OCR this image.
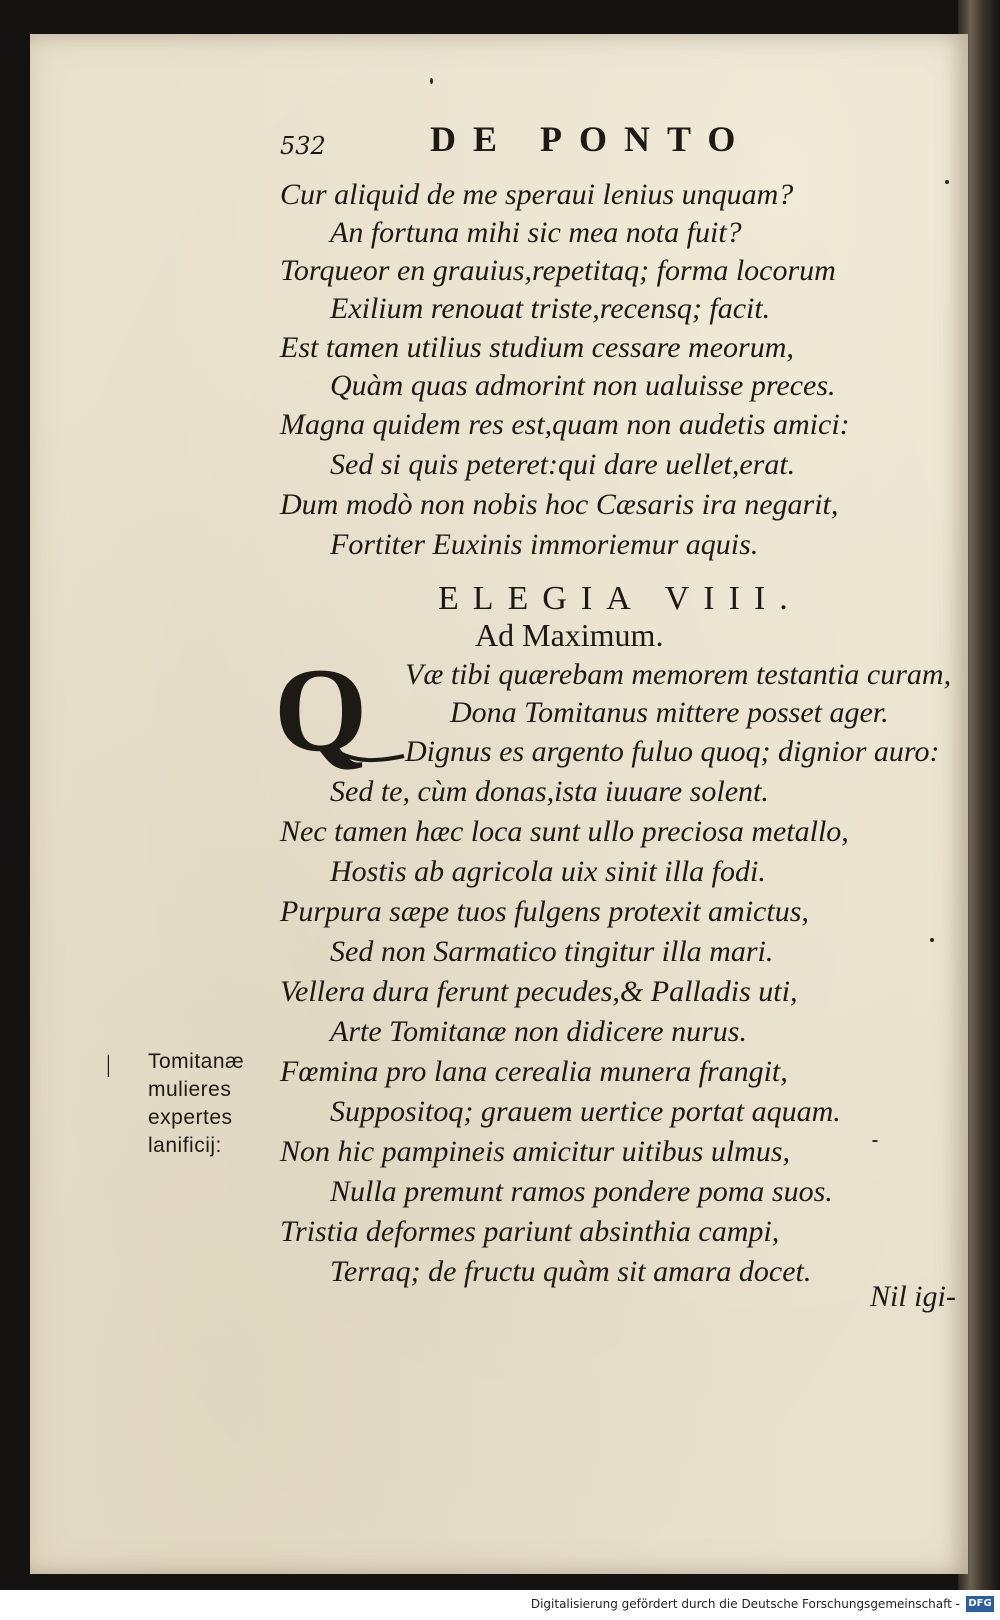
532	DE PONTO
Cur aliquid de me speraui lenius unquam?
An fortuna mihi sic mea nota fuit?
Torqueor en grauius,repetitaq; forma locorum
Exilium renouat triste,recensq; facit.
Est tamen utilius studium cessare meorum,
Quàm quas admorint non ualuisse preces.
Magna quidem res est,quam non audetis amici:
Sed si quis peteret:qui dare uellet,erat.
Dum modò non nobis hoc Cæsaris ira negarit,
Fortiter Euxinis immoriemur aquis.
ELEGIA VIII.
Ad Maximum.
Q	Væ tibi quærebam memorem testantia curam,
Dona Tomitanus mittere posset ager.
Dignus es argento fuluo quoq; dignior auro:
Sed te, cùm donas,ista iuuare solent.
Nec tamen hæc loca sunt ullo preciosa metallo,
Hostis ab agricola uix sinit illa fodi.
Purpura sæpe tuos fulgens protexit amictus,
Sed non Sarmatico tingitur illa mari.
Vellera dura ferunt pecudes,& Palladis uti,
Arte Tomitanæ non didicere nurus.
Fœmina pro lana cerealia munera frangit,
Suppositoq; grauem uertice portat aquam.
Non hic pampineis amicitur uitibus ulmus,
Nulla premunt ramos pondere poma suos.
Tristia deformes pariunt absinthia campi,
Terraq; de fructu quàm sit amara docet.
| Tomitanæ
mulieres
expertes
lanificij:
Nil igi-
Digitalisierung gefördert durch die Deutsche Forschungsgemeinschaft - DFG
